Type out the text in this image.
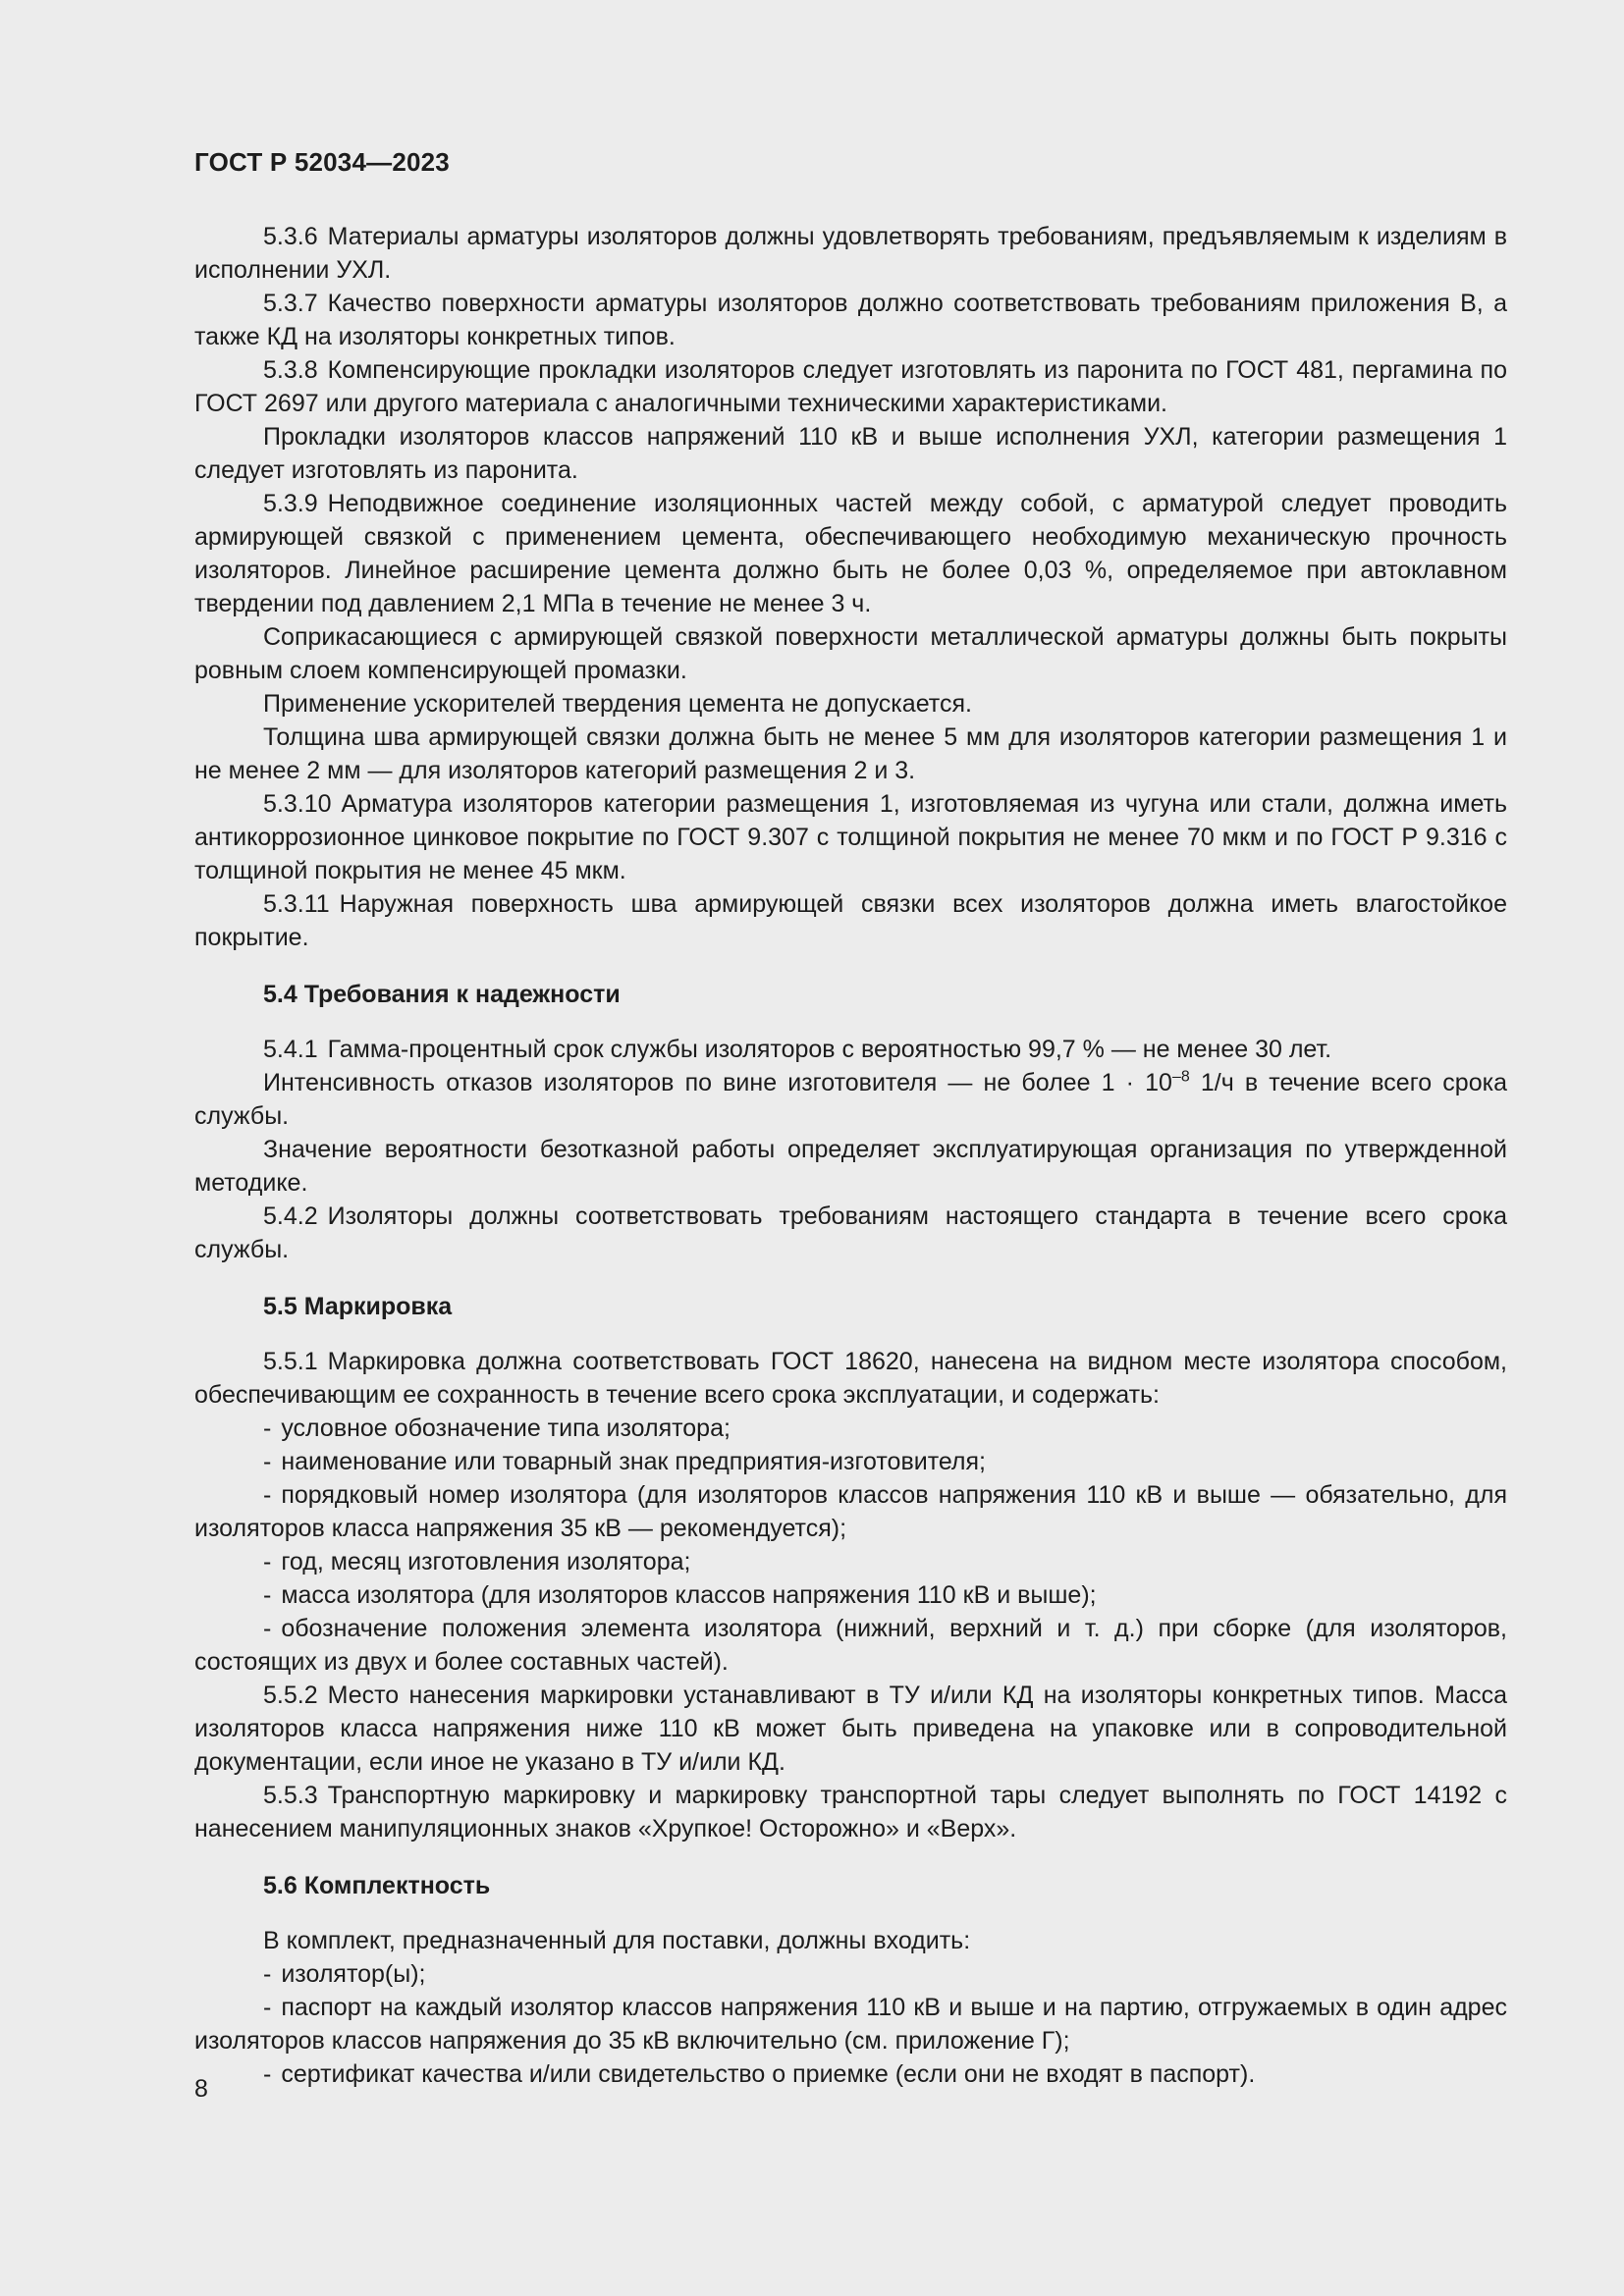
ГОСТ Р 52034—2023

5.3.6 Материалы арматуры изоляторов должны удовлетворять требованиям, предъявляемым к изделиям в исполнении УХЛ.

5.3.7 Качество поверхности арматуры изоляторов должно соответствовать требованиям приложения В, а также КД на изоляторы конкретных типов.

5.3.8 Компенсирующие прокладки изоляторов следует изготовлять из паронита по ГОСТ 481, пергамина по ГОСТ 2697 или другого материала с аналогичными техническими характеристиками.

Прокладки изоляторов классов напряжений 110 кВ и выше исполнения УХЛ, категории размещения 1 следует изготовлять из паронита.

5.3.9 Неподвижное соединение изоляционных частей между собой, с арматурой следует проводить армирующей связкой с применением цемента, обеспечивающего необходимую механическую прочность изоляторов. Линейное расширение цемента должно быть не более 0,03 %, определяемое при автоклавном твердении под давлением 2,1 МПа в течение не менее 3 ч.

Соприкасающиеся с армирующей связкой поверхности металлической арматуры должны быть покрыты ровным слоем компенсирующей промазки.

Применение ускорителей твердения цемента не допускается.

Толщина шва армирующей связки должна быть не менее 5 мм для изоляторов категории размещения 1 и не менее 2 мм — для изоляторов категорий размещения 2 и 3.

5.3.10 Арматура изоляторов категории размещения 1, изготовляемая из чугуна или стали, должна иметь антикоррозионное цинковое покрытие по ГОСТ 9.307 с толщиной покрытия не менее 70 мкм и по ГОСТ Р 9.316 с толщиной покрытия не менее 45 мкм.

5.3.11 Наружная поверхность шва армирующей связки всех изоляторов должна иметь влагостойкое покрытие.

5.4 Требования к надежности

5.4.1 Гамма-процентный срок службы изоляторов с вероятностью 99,7 % — не менее 30 лет.

Интенсивность отказов изоляторов по вине изготовителя — не более $1 \cdot 10^{-8}$ 1/ч в течение всего срока службы.

Значение вероятности безотказной работы определяет эксплуатирующая организация по утвержденной методике.

5.4.2 Изоляторы должны соответствовать требованиям настоящего стандарта в течение всего срока службы.

5.5 Маркировка

5.5.1 Маркировка должна соответствовать ГОСТ 18620, нанесена на видном месте изолятора способом, обеспечивающим ее сохранность в течение всего срока эксплуатации, и содержать:

- условное обозначение типа изолятора;

- наименование или товарный знак предприятия-изготовителя;

- порядковый номер изолятора (для изоляторов классов напряжения 110 кВ и выше — обязательно, для изоляторов класса напряжения 35 кВ — рекомендуется);

- год, месяц изготовления изолятора;

- масса изолятора (для изоляторов классов напряжения 110 кВ и выше);

- обозначение положения элемента изолятора (нижний, верхний и т. д.) при сборке (для изоляторов, состоящих из двух и более составных частей).

5.5.2 Место нанесения маркировки устанавливают в ТУ и/или КД на изоляторы конкретных типов. Масса изоляторов класса напряжения ниже 110 кВ может быть приведена на упаковке или в сопроводительной документации, если иное не указано в ТУ и/или КД.

5.5.3 Транспортную маркировку и маркировку транспортной тары следует выполнять по ГОСТ 14192 с нанесением манипуляционных знаков «Хрупкое! Осторожно» и «Верх».

5.6 Комплектность

В комплект, предназначенный для поставки, должны входить:

- изолятор(ы);

- паспорт на каждый изолятор классов напряжения 110 кВ и выше и на партию, отгружаемых в один адрес изоляторов классов напряжения до 35 кВ включительно (см. приложение Г);

- сертификат качества и/или свидетельство о приемке (если они не входят в паспорт).

8
